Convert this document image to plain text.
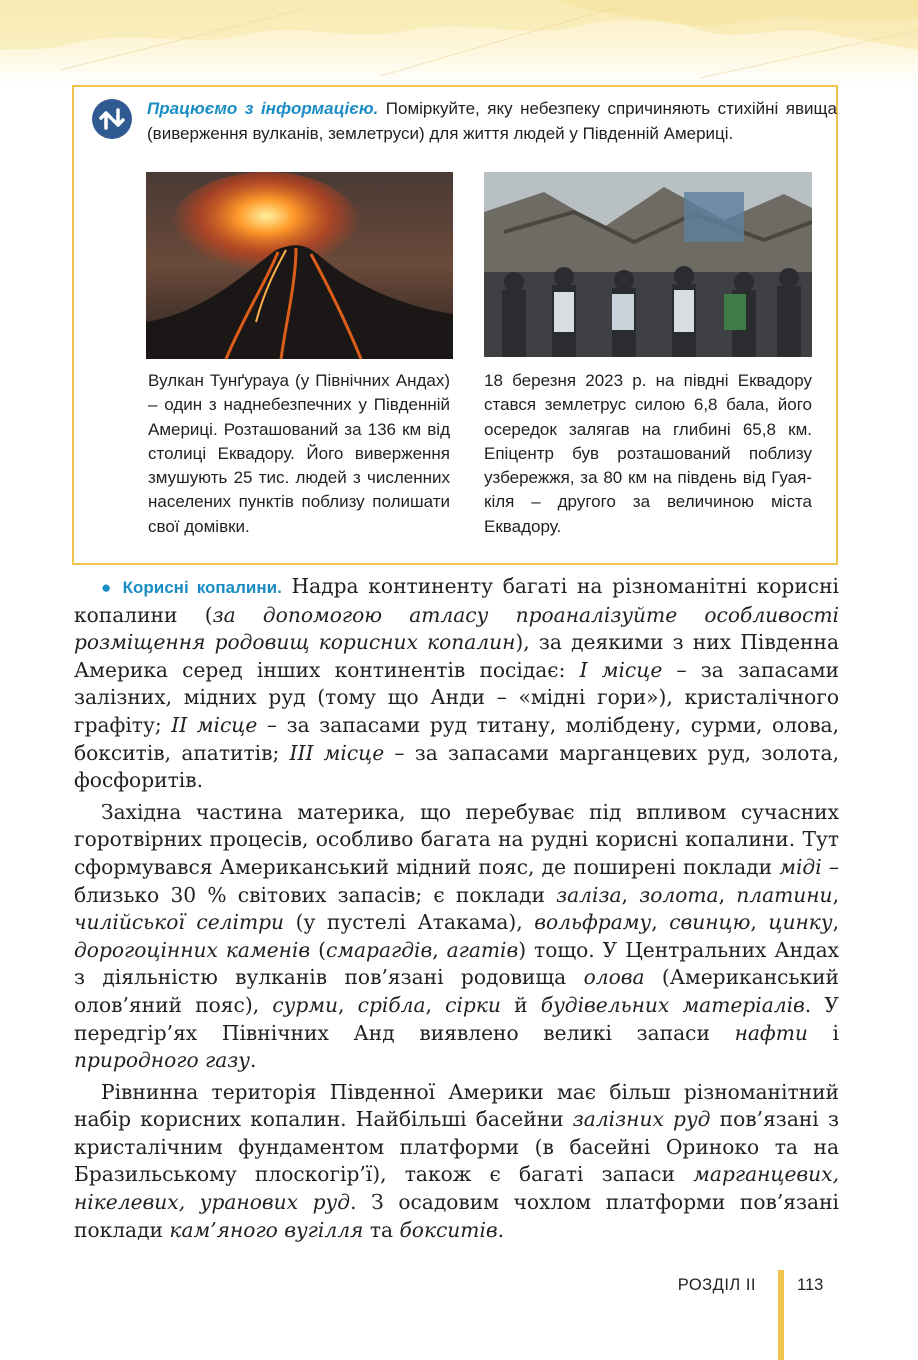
Працюємо з інформацією. Поміркуйте, яку небезпеку спричиняють стихійні явища (виверження вулканів, землетруси) для життя людей у Південній Америці.
Вулкан Тунґурауа (у Північних Андах) – один з наднебезпечних у Південній Америці. Розташований за 136 км від столиці Еквадору. Його виверження змушують 25 тис. людей з численних населених пунктів поблизу полишати свої домівки.
18 березня 2023 р. на півдні Еквадору стався землетрус силою 6,8 бала, його осередок залягав на глибині 65,8 км. Епіцентр був розташований поблизу узбережжя, за 80 км на південь від Гуаякіля – другого за величиною міста Еквадору.

● Корисні копалини. Надра континенту багаті на різноманітні корисні копалини (за допомогою атласу проаналізуйте особливості розміщення родовищ корисних копалин), за деякими з них Південна Америка серед інших континентів посідає: І місце – за запасами залізних, мідних руд (тому що Анди – «мідні гори»), кристалічного графіту; ІІ місце – за запасами руд титану, молібдену, сурми, олова, бокситів, апатитів; ІІІ місце – за запасами марганцевих руд, золота, фосфоритів.

Західна частина материка, що перебуває під впливом сучасних горотвірних процесів, особливо багата на рудні корисні копалини. Тут сформувався Американський мідний пояс, де поширені поклади міді – близько 30 % світових запасів; є поклади заліза, золота, платини, чилійської селітри (у пустелі Атакама), вольфраму, свинцю, цинку, дорогоцінних каменів (смарагдів, агатів) тощо. У Центральних Андах з діяльністю вулканів пов’язані родовища олова (Американський олов’яний пояс), сурми, срібла, сірки й будівельних матеріалів. У передгір’ях Північних Анд виявлено великі запаси нафти і природного газу.

Рівнинна територія Південної Америки має більш різноманітний набір корисних копалин. Найбільші басейни залізних руд пов’язані з кристалічним фундаментом платформи (в басейні Ориноко та на Бразильському плоскогір’ї), також є багаті запаси марганцевих, нікелевих, уранових руд. З осадовим чохлом платформи пов’язані поклади кам’яного вугілля та бокситів.

РОЗДІЛ ІІ 113
